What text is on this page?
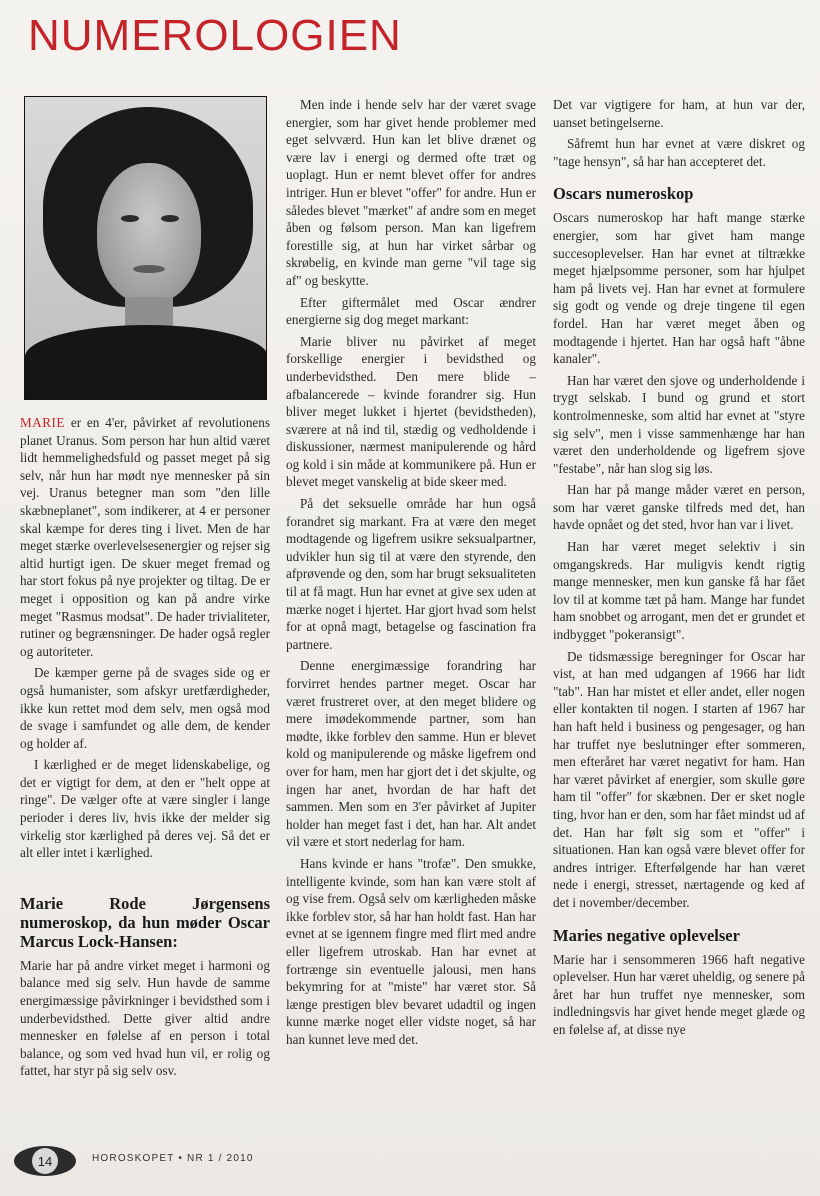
NUMEROLOGIEN

MARIE er en 4'er, påvirket af revolutionens planet Uranus. Som person har hun altid været lidt hemmelighedsfuld og passet meget på sig selv, når hun har mødt nye mennesker på sin vej. Uranus betegner man som "den lille skæbneplanet", som indikerer, at 4 er personer skal kæmpe for deres ting i livet. Men de har meget stærke overlevelsesenergier og rejser sig altid hurtigt igen. De skuer meget fremad og har stort fokus på nye projekter og tiltag. De er meget i opposition og kan på andre virke meget "Rasmus modsat". De hader trivialiteter, rutiner og begrænsninger. De hader også regler og autoriteter.

De kæmper gerne på de svages side og er også humanister, som afskyr uretfærdigheder, ikke kun rettet mod dem selv, men også mod de svage i samfundet og alle dem, de kender og holder af.

I kærlighed er de meget lidenskabelige, og det er vigtigt for dem, at den er "helt oppe at ringe". De vælger ofte at være singler i lange perioder i deres liv, hvis ikke der melder sig virkelig stor kærlighed på deres vej. Så det er alt eller intet i kærlighed.

Marie Rode Jørgensens numeroskop, da hun møder Oscar Marcus Lock-Hansen:

Marie har på andre virket meget i harmoni og balance med sig selv. Hun havde de samme energimæssige påvirkninger i bevidsthed som i underbevidsthed. Dette giver altid andre mennesker en følelse af en person i total balance, og som ved hvad hun vil, er rolig og fattet, har styr på sig selv osv.

Men inde i hende selv har der været svage energier, som har givet hende problemer med eget selvværd. Hun kan let blive drænet og være lav i energi og dermed ofte træt og uoplagt. Hun er nemt blevet offer for andres intriger. Hun er blevet "offer" for andre. Hun er således blevet "mærket" af andre som en meget åben og følsom person. Man kan ligefrem forestille sig, at hun har virket sårbar og skrøbelig, en kvinde man gerne "vil tage sig af" og beskytte.

Efter giftermålet med Oscar ændrer energierne sig dog meget markant:

Marie bliver nu påvirket af meget forskellige energier i bevidsthed og underbevidsthed. Den mere blide – afbalancerede – kvinde forandrer sig. Hun bliver meget lukket i hjertet (bevidstheden), sværere at nå ind til, stædig og vedholdende i diskussioner, nærmest manipulerende og hård og kold i sin måde at kommunikere på. Hun er blevet meget vanskelig at bide skeer med.

På det seksuelle område har hun også forandret sig markant. Fra at være den meget modtagende og ligefrem usikre seksualpartner, udvikler hun sig til at være den styrende, den afprøvende og den, som har brugt seksualiteten til at få magt. Hun har evnet at give sex uden at mærke noget i hjertet. Har gjort hvad som helst for at opnå magt, betagelse og fascination fra partnere.

Denne energimæssige forandring har forvirret hendes partner meget. Oscar har været frustreret over, at den meget blidere og mere imødekommende partner, som han mødte, ikke forblev den samme. Hun er blevet kold og manipulerende og måske ligefrem ond over for ham, men har gjort det i det skjulte, og ingen har anet, hvordan de har haft det sammen. Men som en 3'er påvirket af Jupiter holder han meget fast i det, han har. Alt andet vil være et stort nederlag for ham.

Hans kvinde er hans "trofæ". Den smukke, intelligente kvinde, som han kan være stolt af og vise frem. Også selv om kærligheden måske ikke forblev stor, så har han holdt fast. Han har evnet at se igennem fingre med flirt med andre eller ligefrem utroskab. Han har evnet at fortrænge sin eventuelle jalousi, men hans bekymring for at "miste" har været stor. Så længe prestigen blev bevaret udadtil og ingen kunne mærke noget eller vidste noget, så har han kunnet leve med det.

Det var vigtigere for ham, at hun var der, uanset betingelserne.

Såfremt hun har evnet at være diskret og "tage hensyn", så har han accepteret det.

Oscars numeroskop

Oscars numeroskop har haft mange stærke energier, som har givet ham mange succesoplevelser. Han har evnet at tiltrække meget hjælpsomme personer, som har hjulpet ham på livets vej. Han har evnet at formulere sig godt og vende og dreje tingene til egen fordel. Han har været meget åben og modtagende i hjertet. Han har også haft "åbne kanaler".

Han har været den sjove og underholdende i trygt selskab. I bund og grund et stort kontrolmenneske, som altid har evnet at "styre sig selv", men i visse sammenhænge har han været den underholdende og ligefrem sjove "festabe", når han slog sig løs.

Han har på mange måder været en person, som har været ganske tilfreds med det, han havde opnået og det sted, hvor han var i livet.

Han har været meget selektiv i sin omgangskreds. Har muligvis kendt rigtig mange mennesker, men kun ganske få har fået lov til at komme tæt på ham. Mange har fundet ham snobbet og arrogant, men det er grundet et indbygget "pokeransigt".

De tidsmæssige beregninger for Oscar har vist, at han med udgangen af 1966 har lidt "tab". Han har mistet et eller andet, eller nogen eller kontakten til nogen. I starten af 1967 har han haft held i business og pengesager, og han har truffet nye beslutninger efter sommeren, men efteråret har været negativt for ham. Han har været påvirket af energier, som skulle gøre ham til "offer" for skæbnen. Der er sket nogle ting, hvor han er den, som har fået mindst ud af det. Han har følt sig som et "offer" i situationen. Han kan også være blevet offer for andres intriger. Efterfølgende har han været nede i energi, stresset, nærtagende og ked af det i november/december.

Maries negative oplevelser

Marie har i sensommeren 1966 haft negative oplevelser. Hun har været uheldig, og senere på året har hun truffet nye mennesker, som indledningsvis har givet hende meget glæde og en følelse af, at disse nye

14	HOROSKOPET • NR 1 / 2010
